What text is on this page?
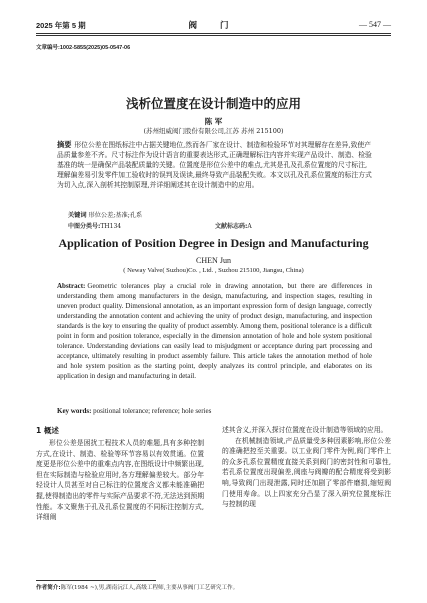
2025 年第 5 期	阀 门	— 547 —
文章编号:1002-5855(2025)05-0547-06
浅析位置度在设计制造中的应用
陈 军
(苏州纽威阀门股份有限公司,江苏 苏州 215100)
摘要 形位公差在图纸标注中占据关键地位,然而各厂家在设计、制造和检验环节对其理解存在差异,致使产品质量参差不齐。尺寸标注作为设计语言的重要表达形式,正确理解标注内容并实现产品设计、制造、检验基准的统一是确保产品装配质量的关键。位置度是形位公差中的难点,尤其是孔及孔系位置度的尺寸标注,理解偏差易引发零件加工验收时的误判及误读,最终导致产品装配失败。本文以孔及孔系位置度的标注方式为切入点,深入剖析其控制原理,并详细阐述其在设计制造中的应用。
关键词 形位公差;基准;孔系
中图分类号:TH134	文献标志码:A
Application of Position Degree in Design and Manufacturing
CHEN Jun
( Neway Valve( Suzhou)Co. , Ltd. , Suzhou 215100, Jiangsu, China)
Abstract: Geometric tolerances play a crucial role in drawing annotation, but there are differences in understanding them among manufacturers in the design, manufacturing, and inspection stages, resulting in uneven product quality. Dimensional annotation, as an important expression form of design language, correctly understanding the annotation content and achieving the unity of product design, manufacturing, and inspection standards is the key to ensuring the quality of product assembly. Among them, positional tolerance is a difficult point in form and position tolerance, especially in the dimension annotation of hole and hole system positional tolerance. Understanding deviations can easily lead to misjudgment or acceptance during part processing and acceptance, ultimately resulting in product assembly failure. This article takes the annotation method of hole and hole system position as the starting point, deeply analyzes its control principle, and elaborates on its application in design and manufacturing in detail.
Key words: positional tolerance; reference; hole series
1 概述
形位公差是困扰工程技术人员的难题,具有多种控制方式,在设计、制造、检验等环节容易以有效贯通。位置度更是形位公差中的重难点内容,在图纸设计中频繁出现,但在实际制造与检验应用时,各方理解偏差较大。部分年轻设计人员甚至对自己标注的位置度含义都未能准确把握,使得制造出的零件与实际产品要求不符,无法达到预期性能。本文聚焦于孔及孔系位置度的不同标注控制方式,详细阐

述其含义,并深入探讨位置度在设计制造等领域的应用。

在机械制造领域,产品质量受多种因素影响,形位公差的准确把控至关重要。以工业阀门零件为例,阀门零件上的众多孔系位置精度直接关系到阀门的密封性和可靠性,若孔系位置度出现偏差,阀座与阀瓣的配合精度将受到影响,导致阀门出现泄露,同时还加剧了零部件磨损,缩短阀门使用寿命。以上四家充分凸显了深入研究位置度标注与控制的现

作者简介:陈军(1984 ~),男,湖南沅江人,高级工程师,主要从事阀门工艺研究工作。
